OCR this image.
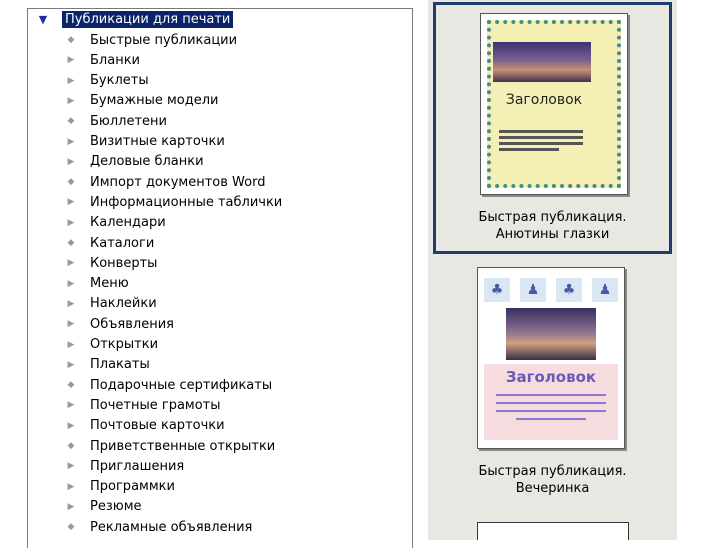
▼ Публикации для печати
◆ Быстрые публикации
▶ Бланки
▶ Буклеты
▶ Бумажные модели
◆ Бюллетени
▶ Визитные карточки
▶ Деловые бланки
◆ Импорт документов Word
▶ Информационные таблички
▶ Календари
◆ Каталоги
▶ Конверты
▶ Меню
▶ Наклейки
▶ Объявления
▶ Открытки
▶ Плакаты
◆ Подарочные сертификаты
▶ Почетные грамоты
▶ Почтовые карточки
◆ Приветственные открытки
▶ Приглашения
▶ Программки
▶ Резюме
◆ Рекламные объявления
Заголовок
Быстрая публикация.
Анютины глазки
♣	♟	♣	♟
Заголовок
Быстрая публикация.
Вечеринка
